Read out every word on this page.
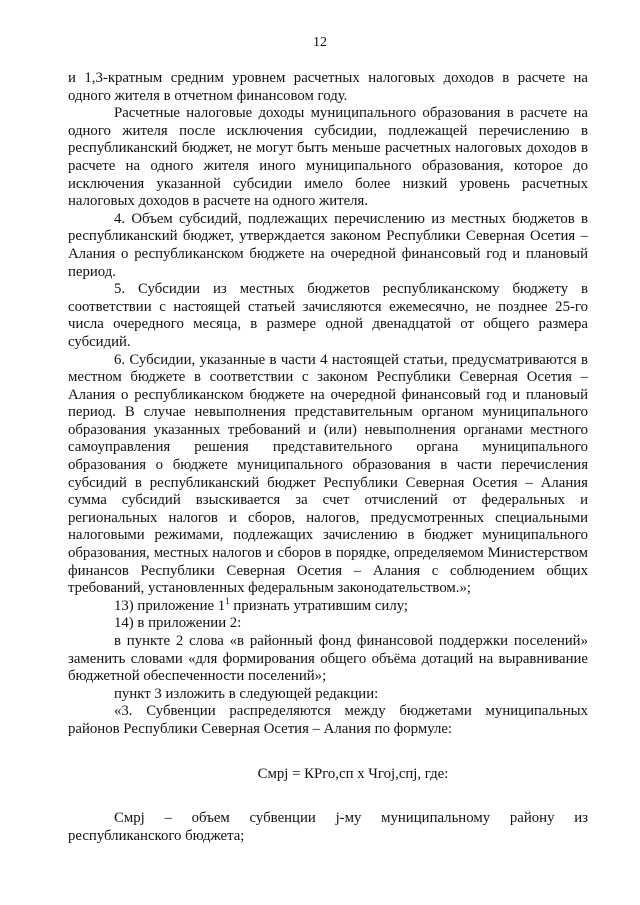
12

и 1,3-кратным средним уровнем расчетных налоговых доходов в расчете на одного жителя в отчетном финансовом году.

Расчетные налоговые доходы муниципального образования в расчете на одного жителя после исключения субсидии, подлежащей перечислению в республиканский бюджет, не могут быть меньше расчетных налоговых доходов в расчете на одного жителя иного муниципального образования, которое до исключения указанной субсидии имело более низкий уровень расчетных налоговых доходов в расчете на одного жителя.

4. Объем субсидий, подлежащих перечислению из местных бюджетов в республиканский бюджет, утверждается законом Республики Северная Осетия – Алания о республиканском бюджете на очередной финансовый год и плановый период.

5. Субсидии из местных бюджетов республиканскому бюджету в соответствии с настоящей статьей зачисляются ежемесячно, не позднее 25-го числа очередного месяца, в размере одной двенадцатой от общего размера субсидий.

6. Субсидии, указанные в части 4 настоящей статьи, предусматриваются в местном бюджете в соответствии с законом Республики Северная Осетия – Алания о республиканском бюджете на очередной финансовый год и плановый период. В случае невыполнения представительным органом муниципального образования указанных требований и (или) невыполнения органами местного самоуправления решения представительного органа муниципального образования о бюджете муниципального образования в части перечисления субсидий в республиканский бюджет Республики Северная Осетия – Алания сумма субсидий взыскивается за счет отчислений от федеральных и региональных налогов и сборов, налогов, предусмотренных специальными налоговыми режимами, подлежащих зачислению в бюджет муниципального образования, местных налогов и сборов в порядке, определяемом Министерством финансов Республики Северная Осетия – Алания с соблюдением общих требований, установленных федеральным законодательством.»;

13) приложение $1^1$ признать утратившим силу;

14) в приложении 2:

в пункте 2 слова «в районный фонд финансовой поддержки поселений» заменить словами «для формирования общего объёма дотаций на выравнивание бюджетной обеспеченности поселений»;

пункт 3 изложить в следующей редакции:

«3. Субвенции распределяются между бюджетами муниципальных районов Республики Северная Осетия – Алания по формуле:

Смрj = КРго,сп х Чгоj,спj, где:

Смрj – объем субвенции j-му муниципальному району из республиканского бюджета;
